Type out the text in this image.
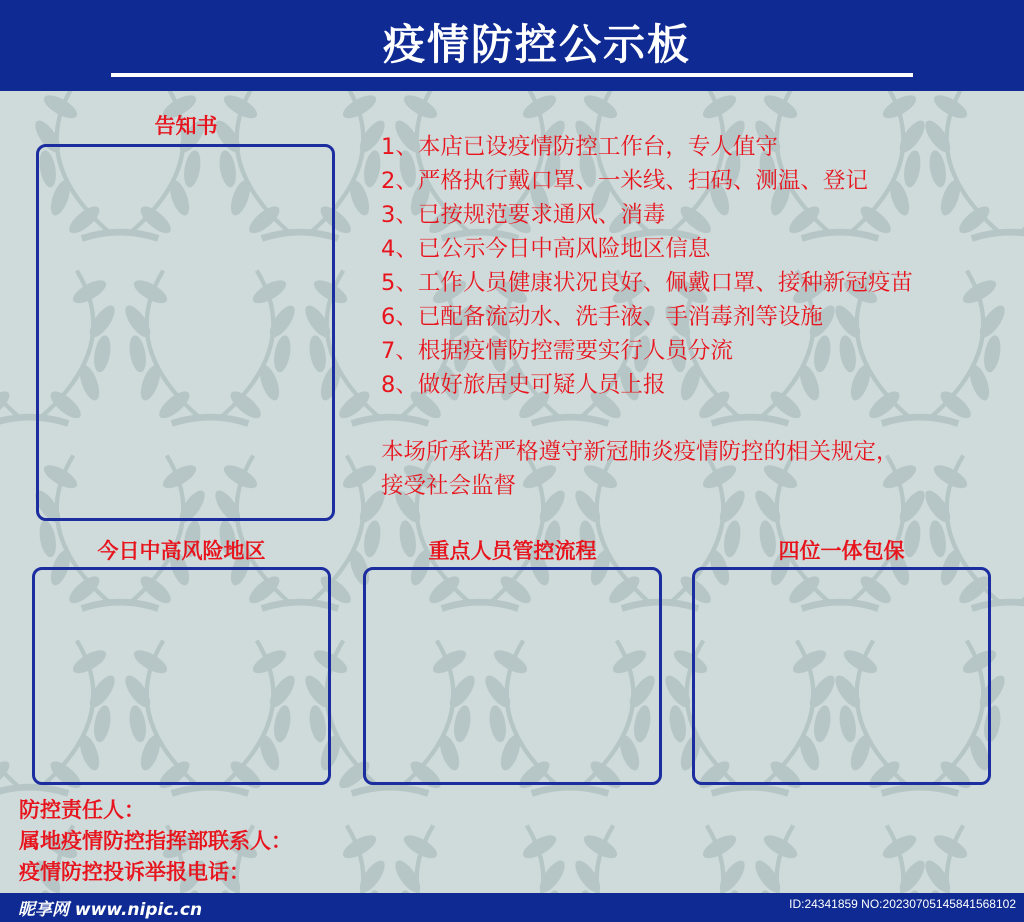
疫情防控公示板
告知书
1、本店已设疫情防控工作台，专人值守
2、严格执行戴口罩、一米线、扫码、测温、登记
3、已按规范要求通风、消毒
4、已公示今日中高风险地区信息
5、工作人员健康状况良好、佩戴口罩、接种新冠疫苗
6、已配备流动水、洗手液、手消毒剂等设施
7、根据疫情防控需要实行人员分流
8、做好旅居史可疑人员上报
本场所承诺严格遵守新冠肺炎疫情防控的相关规定，
接受社会监督
今日中高风险地区	重点人员管控流程	四位一体包保
防控责任人：
属地疫情防控指挥部联系人：
疫情防控投诉举报电话：
昵享网 www.nipic.cn	ID:24341859 NO:20230705145841568102
